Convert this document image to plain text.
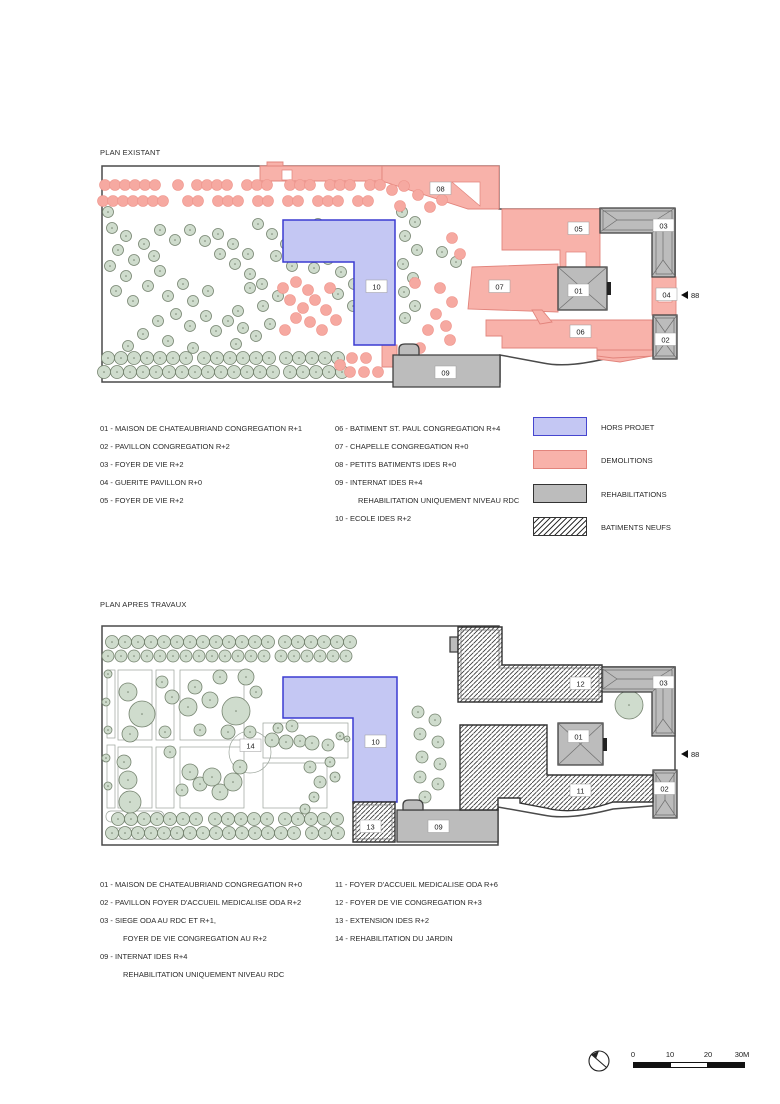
PLAN EXISTANT
08
05	03
07	01	04
06
02
09
10
88
01 - MAISON DE CHATEAUBRIAND CONGREGATION R+1
02 - PAVILLON CONGREGATION R+2
03 - FOYER DE VIE R+2
04 - GUERITE PAVILLON R+0
05 - FOYER DE VIE R+2
06 - BATIMENT ST. PAUL CONGREGATION R+4
07 - CHAPELLE CONGREGATION R+0
08 - PETITS BATIMENTS IDES R+0
09 - INTERNAT IDES R+4
REHABILITATION UNIQUEMENT NIVEAU RDC
10 - ECOLE IDES R+2
HORS PROJET
DEMOLITIONS
REHABILITATIONS
BATIMENTS NEUFS
PLAN APRES TRAVAUX
12	03
01
10
14
11	02
13	09
88
01 - MAISON DE CHATEAUBRIAND CONGREGATION R+0
02 - PAVILLON FOYER D'ACCUEIL MEDICALISE ODA R+2
03 - SIEGE ODA AU RDC ET R+1,
FOYER DE VIE CONGREGATION AU R+2
09 - INTERNAT IDES R+4
REHABILITATION UNIQUEMENT NIVEAU RDC
11 - FOYER D'ACCUEIL MEDICALISE ODA R+6
12 - FOYER DE VIE CONGREGATION R+3
13 - EXTENSION IDES R+2
14 - REHABILITATION DU JARDIN
0	10	20	30M
